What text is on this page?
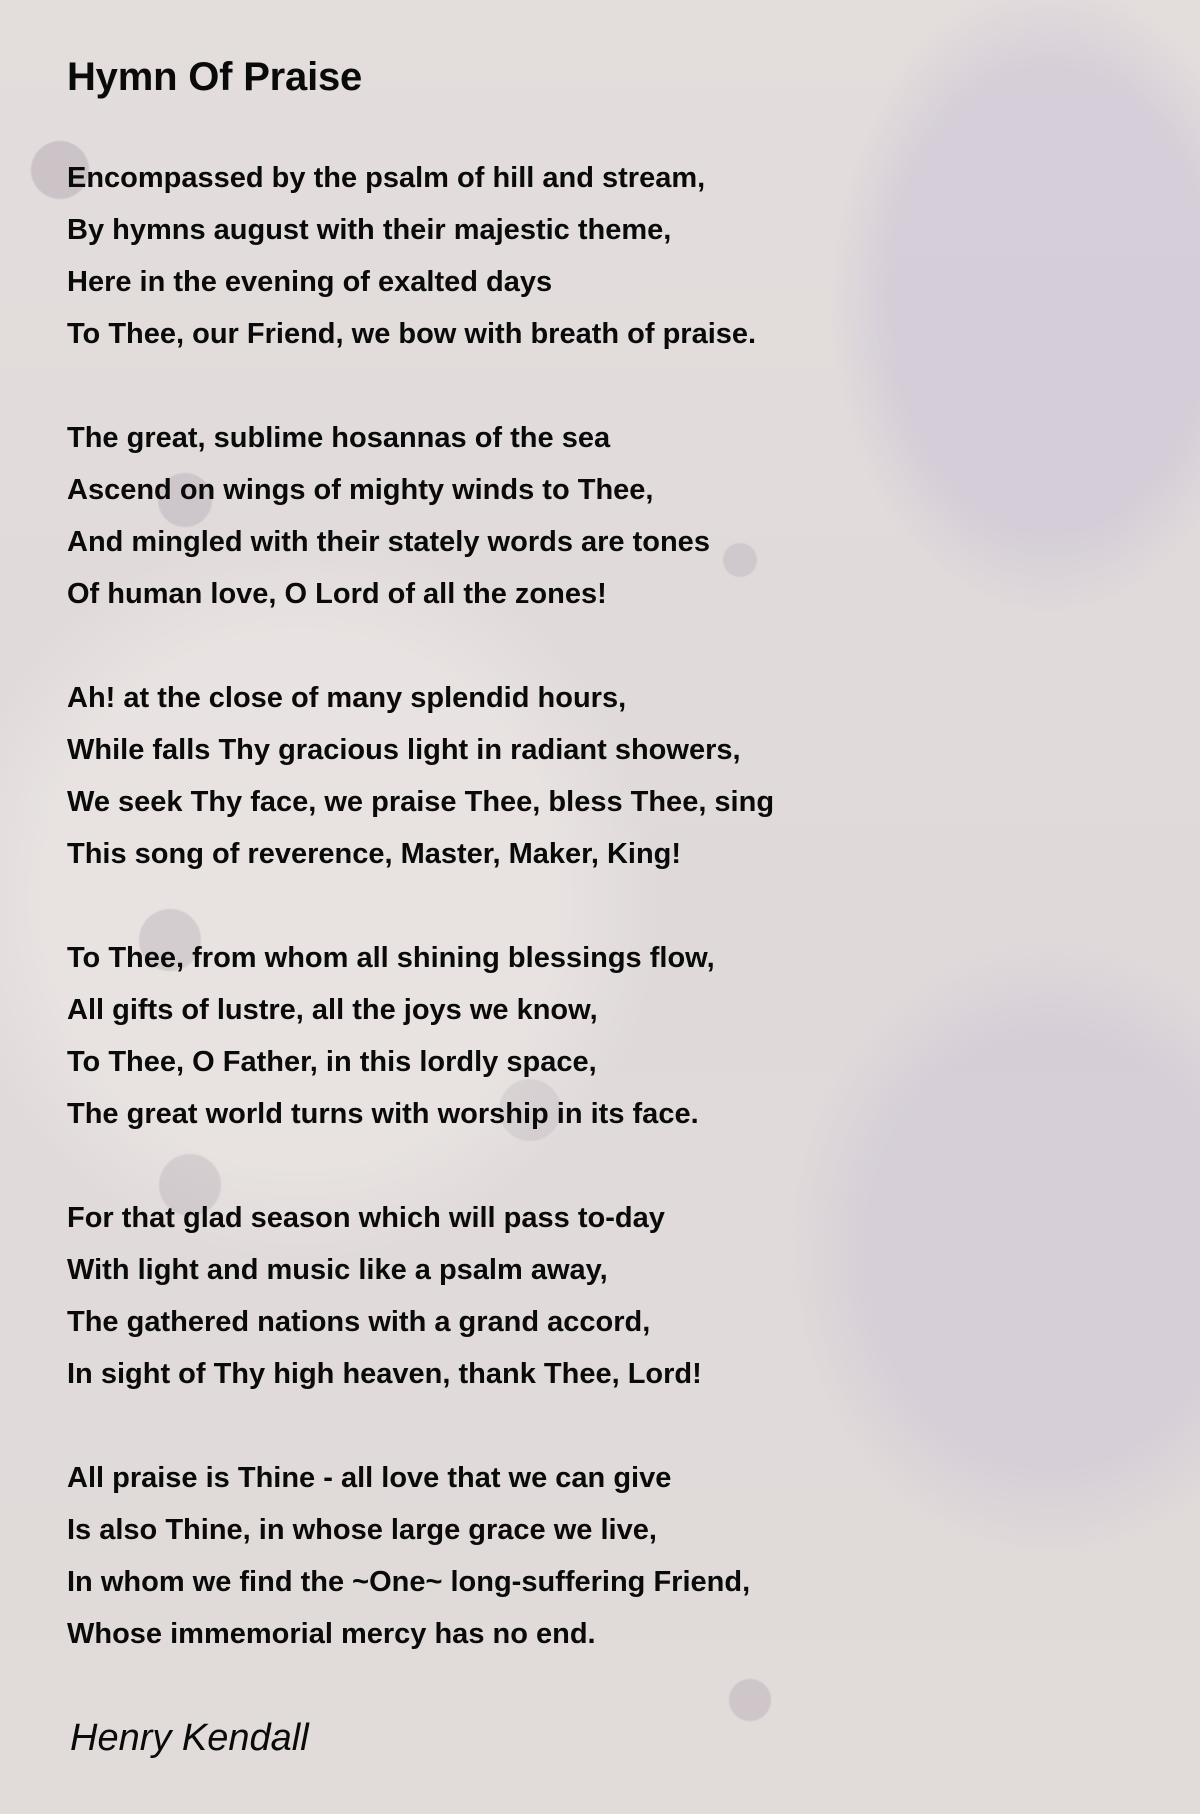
Hymn Of Praise
Encompassed by the psalm of hill and stream,
By hymns august with their majestic theme,
Here in the evening of exalted days
To Thee, our Friend, we bow with breath of praise.
The great, sublime hosannas of the sea
Ascend on wings of mighty winds to Thee,
And mingled with their stately words are tones
Of human love, O Lord of all the zones!
Ah! at the close of many splendid hours,
While falls Thy gracious light in radiant showers,
We seek Thy face, we praise Thee, bless Thee, sing
This song of reverence, Master, Maker, King!
To Thee, from whom all shining blessings flow,
All gifts of lustre, all the joys we know,
To Thee, O Father, in this lordly space,
The great world turns with worship in its face.
For that glad season which will pass to-day
With light and music like a psalm away,
The gathered nations with a grand accord,
In sight of Thy high heaven, thank Thee, Lord!
All praise is Thine - all love that we can give
Is also Thine, in whose large grace we live,
In whom we find the ~One~ long-suffering Friend,
Whose immemorial mercy has no end.

Henry Kendall
